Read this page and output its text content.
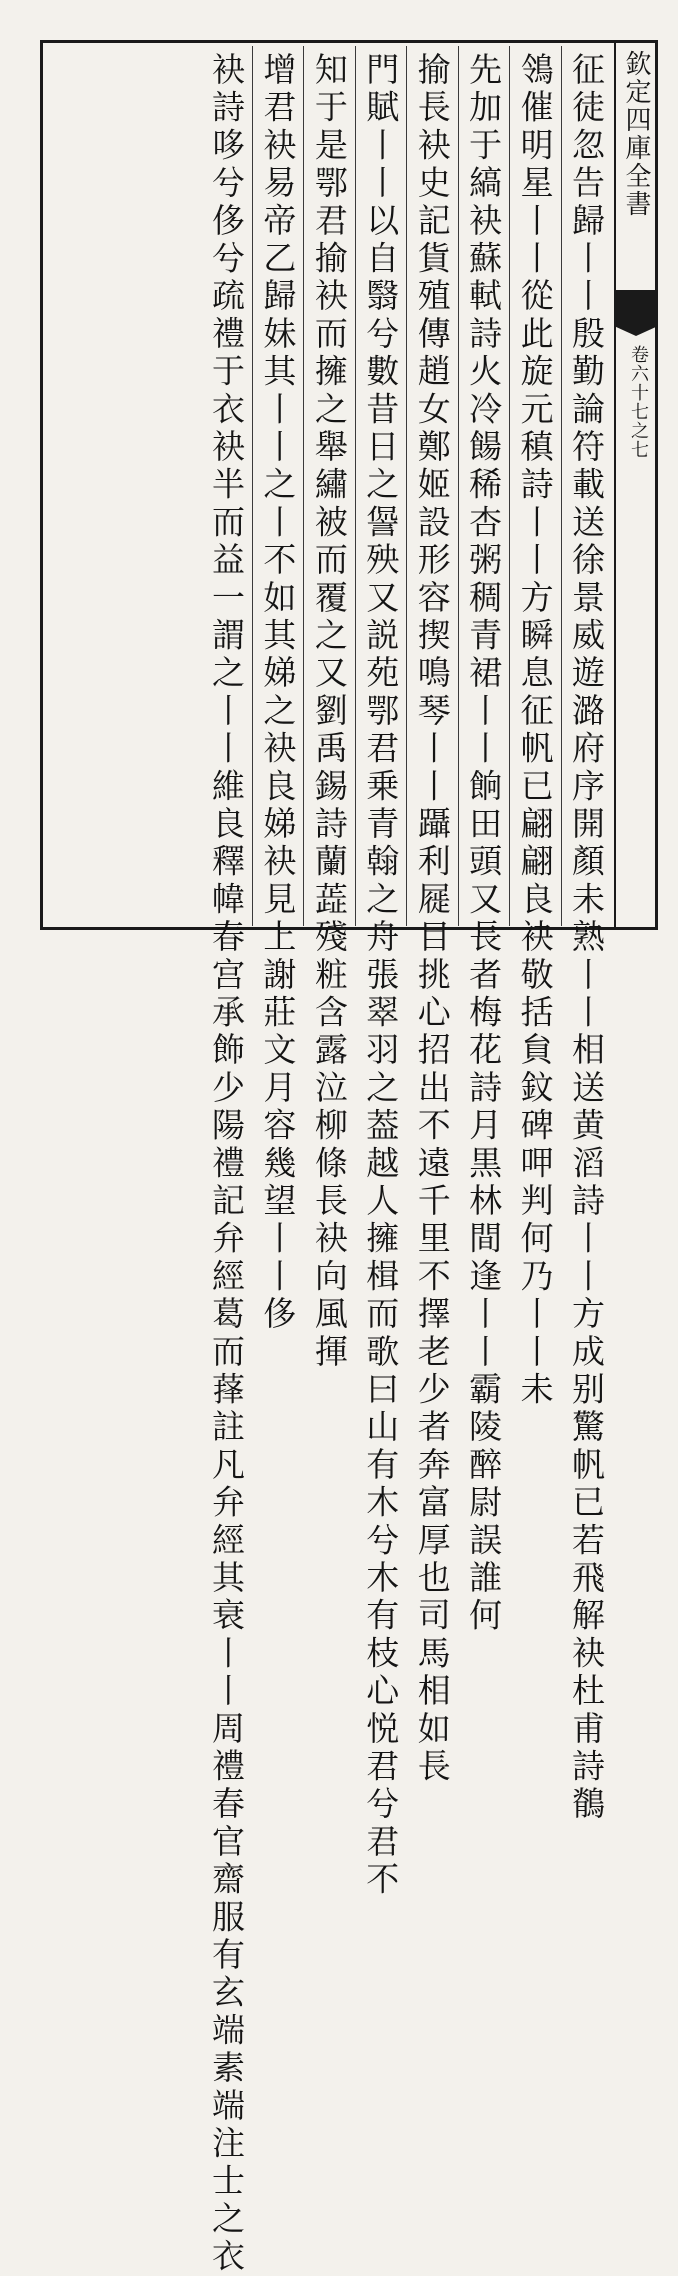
欽定四庫全書
卷六十七之七
征徒忽告歸丨丨殷勤論符載送徐景威遊潞府序開顏未熟丨丨相送黄滔詩丨丨方成别驚帆已若飛解袂杜甫詩鶺
鴒催明星丨丨從此旋元稹詩丨丨方瞬息征帆已翩翩良袂敬括貟鈫碑呷判何乃丨丨未
先加于縞袂蘇軾詩火冷餳稀杏粥稠青裙丨丨餉田頭又長者梅花詩月黒林間逢丨丨霸陵醉尉誤誰何
揄長袂史記貨殖傳趙女鄭姬設形容揳鳴琴丨丨躡利屣目挑心招出不遠千里不擇老少者奔富厚也司馬相如長
門賦丨丨以自翳兮數昔日之諐殃又説苑鄂君乗青翰之舟張翠羽之葢越人擁楫而歌曰山有木兮木有枝心悦君兮君不
知于是鄂君揄袂而擁之舉繡被而覆之又劉禹錫詩蘭蕋殘粧含露泣柳條長袂向風揮
增君袂易帝乙歸妹其丨丨之丨不如其娣之袂良娣袂見上謝莊文月容幾望丨丨侈
袂詩哆兮侈兮疏禮于衣袂半而益一謂之丨丨維良釋幃春宫承飾少陽禮記弁經葛而萚註凡弁經其衰丨丨周禮春官齋服有玄端素端注士之衣
